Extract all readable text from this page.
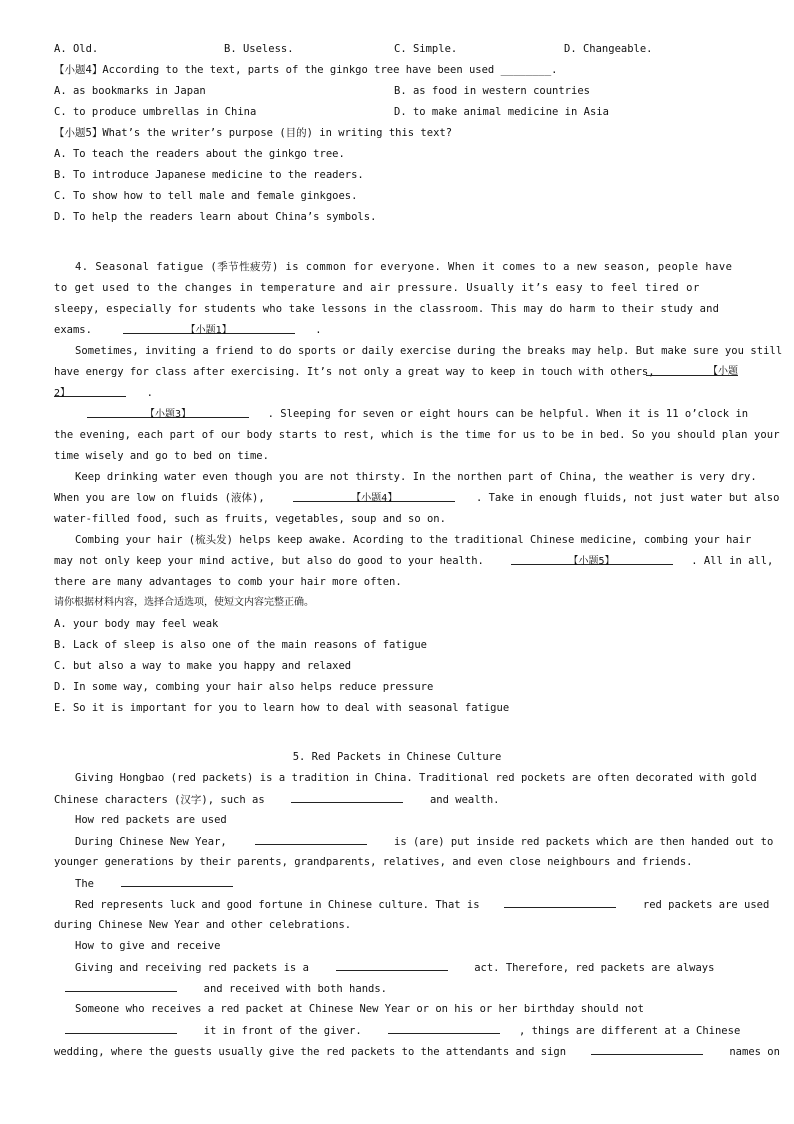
A. Old.	B. Useless.	C. Simple.	D. Changeable.
【小题4】According to the text, parts of the ginkgo tree have been used ________.
A. as bookmarks in Japan	B. as food in western countries
C. to produce umbrellas in China	D. to make animal medicine in Asia
【小题5】What’s the writer’s purpose (目的) in writing this text?
A. To teach the readers about the ginkgo tree.
B. To introduce Japanese medicine to the readers.
C. To show how to tell male and female ginkgoes.
D. To help the readers learn about China’s symbols.
4. Seasonal fatigue (季节性疲劳) is common for everyone. When it comes to a new season, people have
to get used to the changes in temperature and air pressure. Usually it’s easy to feel tired or
sleepy, especially for students who take lessons in the classroom. This may do harm to their study and
exams.	【小题1】	.
Sometimes, inviting a friend to do sports or daily exercise during the breaks may help. But make sure you still
have energy for class after exercising. It’s not only a great way to keep in touch with others,	【小题
2】	.
【小题3】	. Sleeping for seven or eight hours can be helpful. When it is 11 o’clock in
the evening, each part of our body starts to rest, which is the time for us to be in bed. So you should plan your
time wisely and go to bed on time.
Keep drinking water even though you are not thirsty. In the northen part of China, the weather is very dry.
When you are low on fluids (液体),	【小题4】	. Take in enough fluids, not just water but also
water-filled food, such as fruits, vegetables, soup and so on.
Combing your hair (梳头发) helps keep awake. Acording to the traditional Chinese medicine, combing your hair
may not only keep your mind active, but also do good to your health.	【小题5】	. All in all,
there are many advantages to comb your hair more often.
请你根据材料内容，选择合适选项，使短文内容完整正确。
A. your body may feel weak
B. Lack of sleep is also one of the main reasons of fatigue
C. but also a way to make you happy and relaxed
D. In some way, combing your hair also helps reduce pressure
E. So it is important for you to learn how to deal with seasonal fatigue
5. Red Packets in Chinese Culture
Giving Hongbao (red packets) is a tradition in China. Traditional red pockets are often decorated with gold
Chinese characters (汉字), such as	and wealth.
How red packets are used
During Chinese New Year,	is (are) put inside red packets which are then handed out to
younger generations by their parents, grandparents, relatives, and even close neighbours and friends.
The
Red represents luck and good fortune in Chinese culture. That is	red packets are used
during Chinese New Year and other celebrations.
How to give and receive
Giving and receiving red packets is a	act. Therefore, red packets are always
and received with both hands.
Someone who receives a red packet at Chinese New Year or on his or her birthday should not
it in front of the giver.	, things are different at a Chinese
wedding, where the guests usually give the red packets to the attendants and sign	names on
